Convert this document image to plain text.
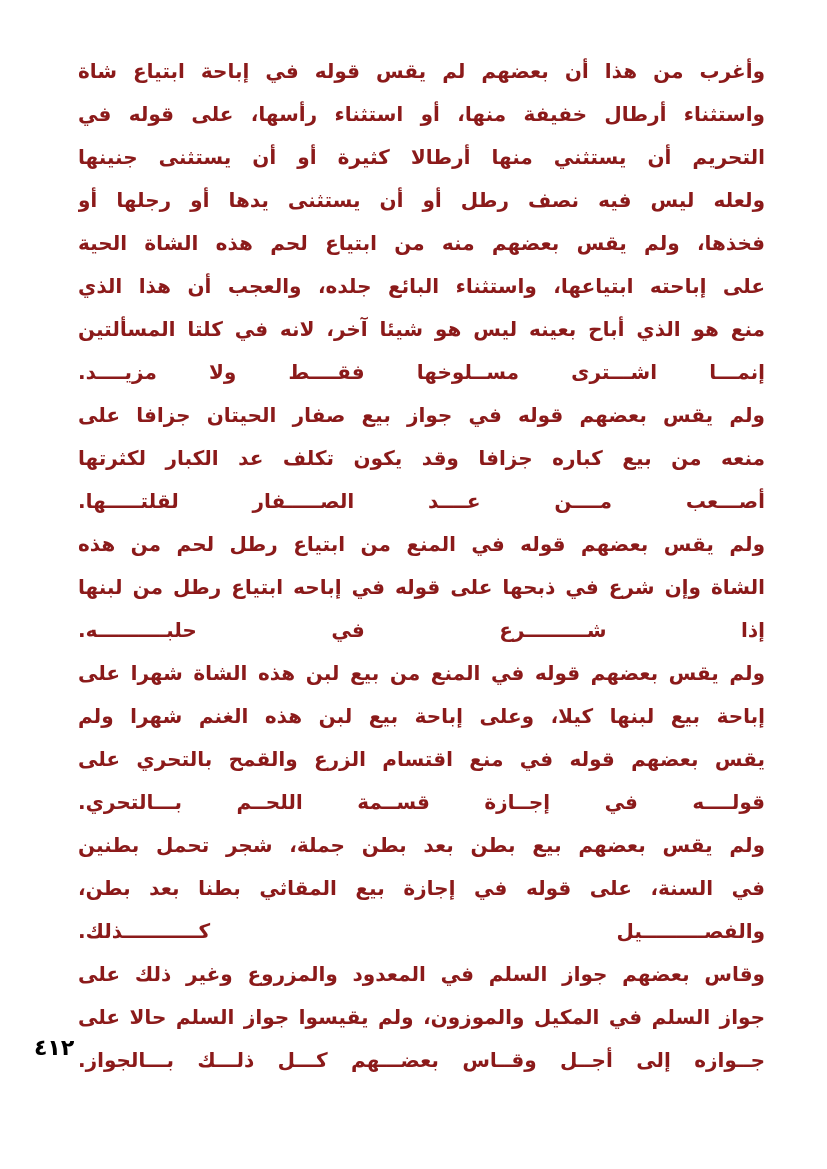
وأغرب من هذا أن بعضهم لم يقس قوله في إباحة ابتياع شاة
واستثناء أرطال خفيفة منها، أو استثناء رأسها، على قوله في
التحريم أن يستثني منها أرطالا كثيرة أو أن يستثنى جنينها
ولعله ليس فيه نصف رطل أو أن يستثنى يدها أو رجلها أو
فخذها، ولم يقس بعضهم منه من ابتياع لحم هذه الشاة الحية
على إباحته ابتياعها، واستثناء البائع جلده، والعجب أن هذا الذي
منع هو الذي أباح بعينه ليس هو شيئا آخر، لانه في كلتا المسألتين
إنمـــا اشـــترى مســلوخها فقــــط ولا مزيــــد.
ولم يقس بعضهم قوله في جواز بيع صفار الحيتان جزافا على
منعه من بيع كباره جزافا وقد يكون تكلف عد الكبار لكثرتها
أصـــعب مــــن عــــد الصـــــفار لقلتـــــها.
ولم يقس بعضهم قوله في المنع من ابتياع رطل لحم من هذه
الشاة وإن شرع في ذبحها على قوله في إباحه ابتياع رطل من لبنها
إذا شـــــــــرع في حلبــــــــــه.
ولم يقس بعضهم قوله في المنع من بيع لبن هذه الشاة شهرا على
إباحة بيع لبنها كيلا، وعلى إباحة بيع لبن هذه الغنم شهرا ولم
يقس بعضهم قوله في منع اقتسام الزرع والقمح بالتحري على
قولــــه في إجــازة قســمة اللحــم بـــالتحري.
ولم يقس بعضهم بيع بطن بعد بطن جملة، شجر تحمل بطنين
في السنة، على قوله في إجازة بيع المقاثي بطنا بعد بطن،
والفصـــــــــيل كـــــــــــذلك.
وقاس بعضهم جواز السلم في المعدود والمزروع وغير ذلك على
جواز السلم في المكيل والموزون، ولم يقيسوا جواز السلم حالا على
جــوازه إلى أجــل وقــاس بعضـــهم كـــل ذلـــك بـــالجواز.
٤١٢
